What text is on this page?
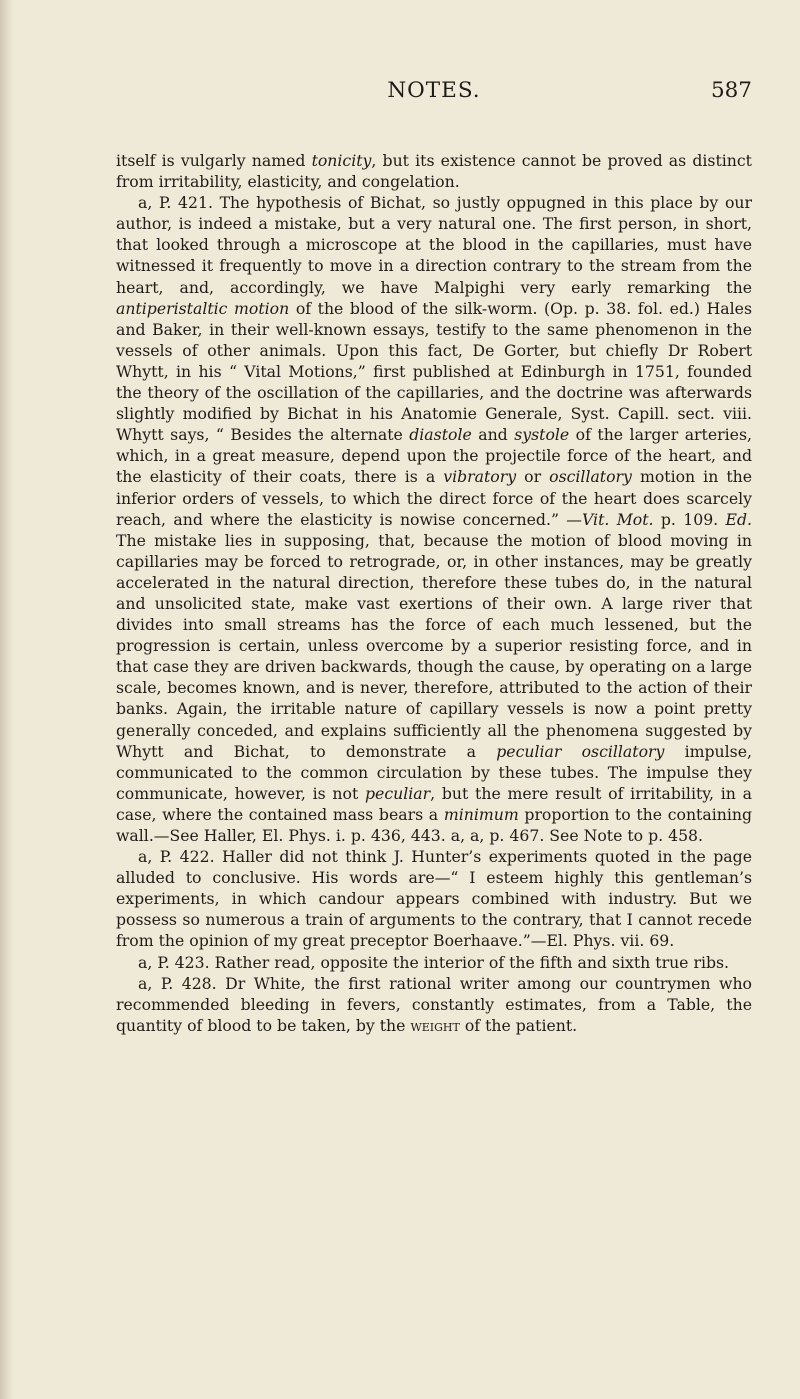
NOTES.	587

itself is vulgarly named tonicity, but its existence cannot be proved as distinct from irritability, elasticity, and congelation.

a, P. 421. The hypothesis of Bichat, so justly oppugned in this place by our author, is indeed a mistake, but a very natural one. The first person, in short, that looked through a microscope at the blood in the capillaries, must have witnessed it frequently to move in a direction contrary to the stream from the heart, and, accordingly, we have Malpighi very early remarking the antiperistaltic motion of the blood of the silk-worm. (Op. p. 38. fol. ed.) Hales and Baker, in their well-known essays, testify to the same phenomenon in the vessels of other animals. Upon this fact, De Gorter, but chiefly Dr Robert Whytt, in his “ Vital Motions,” first published at Edinburgh in 1751, founded the theory of the oscillation of the capillaries, and the doctrine was afterwards slightly modified by Bichat in his Anatomie Generale, Syst. Capill. sect. viii. Whytt says, “ Besides the alternate diastole and systole of the larger arteries, which, in a great measure, depend upon the projectile force of the heart, and the elasticity of their coats, there is a vibratory or oscillatory motion in the inferior orders of vessels, to which the direct force of the heart does scarcely reach, and where the elasticity is nowise concerned.” —Vit. Mot. p. 109. Ed. The mistake lies in supposing, that, because the motion of blood moving in capillaries may be forced to retrograde, or, in other instances, may be greatly accelerated in the natural direction, therefore these tubes do, in the natural and unsolicited state, make vast exertions of their own. A large river that divides into small streams has the force of each much lessened, but the progression is certain, unless overcome by a superior resisting force, and in that case they are driven backwards, though the cause, by operating on a large scale, becomes known, and is never, therefore, attributed to the action of their banks. Again, the irritable nature of capillary vessels is now a point pretty generally conceded, and explains sufficiently all the phenomena suggested by Whytt and Bichat, to demonstrate a peculiar oscillatory impulse, communicated to the common circulation by these tubes. The impulse they communicate, however, is not peculiar, but the mere result of irritability, in a case, where the contained mass bears a minimum proportion to the containing wall.—See Haller, El. Phys. i. p. 436, 443. a, a, p. 467. See Note to p. 458.

a, P. 422. Haller did not think J. Hunter’s experiments quoted in the page alluded to conclusive. His words are—“ I esteem highly this gentleman’s experiments, in which candour appears combined with industry. But we possess so numerous a train of arguments to the contrary, that I cannot recede from the opinion of my great preceptor Boerhaave.”—El. Phys. vii. 69.

a, P. 423. Rather read, opposite the interior of the fifth and sixth true ribs.

a, P. 428. Dr White, the first rational writer among our countrymen who recommended bleeding in fevers, constantly estimates, from a Table, the quantity of blood to be taken, by the weight of the patient.
